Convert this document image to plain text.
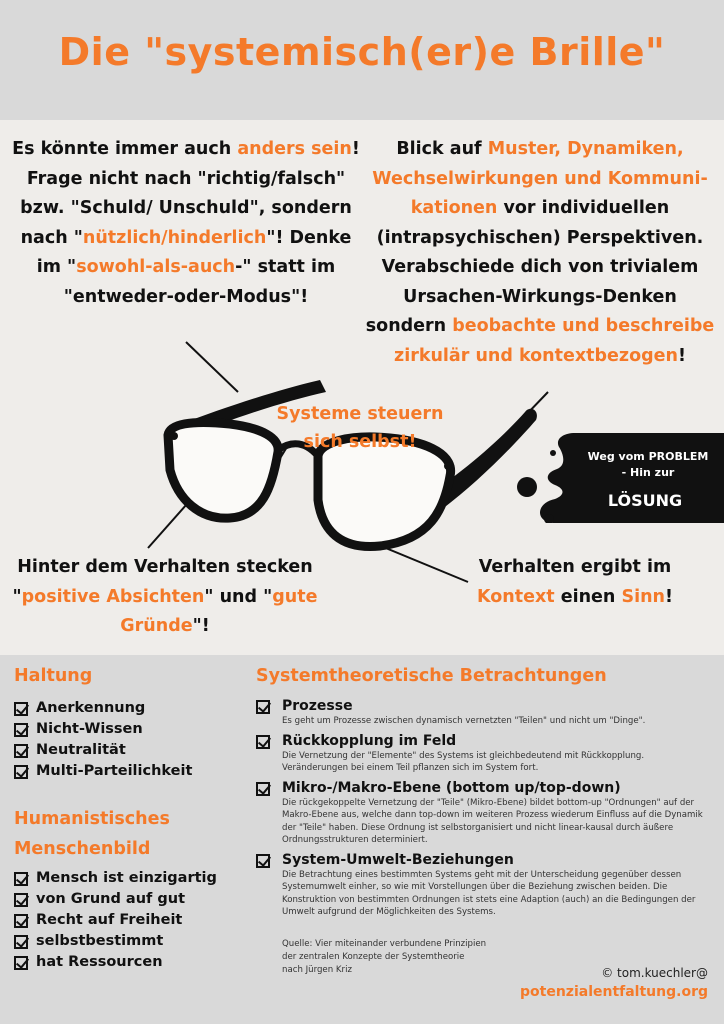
Die "systemisch(er)e Brille"
Es könnte immer auch anders sein! Frage nicht nach "richtig/falsch" bzw. "Schuld/ Unschuld", sondern nach "nützlich/hinderlich"! Denke im "sowohl-als-auch-" statt im "entweder-oder-Modus"!
Blick auf Muster, Dynamiken, Wechselwirkungen und Kommuni-kationen vor individuellen (intrapsychischen) Perspektiven. Verabschiede dich von trivialem Ursachen-Wirkungs-Denken sondern beobachte und beschreibe zirkulär und kontextbezogen!
Systeme steuern sich selbst!
Hinter dem Verhalten stecken "positive Absichten" und "gute Gründe"!
Verhalten ergibt im Kontext einen Sinn!
Weg vom PROBLEM
- Hin zur
LÖSUNG
Haltung
Anerkennung
Nicht-Wissen
Neutralität
Multi-Parteilichkeit
Humanistisches
Menschenbild
Mensch ist einzigartig
von Grund auf gut
Recht auf Freiheit
selbstbestimmt
hat Ressourcen
Systemtheoretische Betrachtungen
Prozesse
Es geht um Prozesse zwischen dynamisch vernetzten "Teilen" und nicht um "Dinge".
Rückkopplung im Feld
Die Vernetzung der "Elemente" des Systems ist gleichbedeutend mit Rückkopplung. Veränderungen bei einem Teil pflanzen sich im System fort.
Mikro-/Makro-Ebene (bottom up/top-down)
Die rückgekoppelte Vernetzung der "Teile" (Mikro-Ebene) bildet bottom-up "Ordnungen" auf der Makro-Ebene aus, welche dann top-down im weiteren Prozess wiederum Einfluss auf die Dynamik der "Teile" haben. Diese Ordnung ist selbstorganisiert und nicht linear-kausal durch äußere Ordnungsstrukturen determiniert.
System-Umwelt-Beziehungen
Die Betrachtung eines bestimmten Systems geht mit der Unterscheidung gegenüber dessen Systemumwelt einher, so wie mit Vorstellungen über die Beziehung zwischen beiden. Die Konstruktion von bestimmten Ordnungen ist stets eine Adaption (auch) an die Bedingungen der Umwelt aufgrund der Möglichkeiten des Systems.
Quelle: Vier miteinander verbundene Prinzipien
der zentralen Konzepte der Systemtheorie
nach Jürgen Kriz	© tom.kuechler@
potenzialentfaltung.org
